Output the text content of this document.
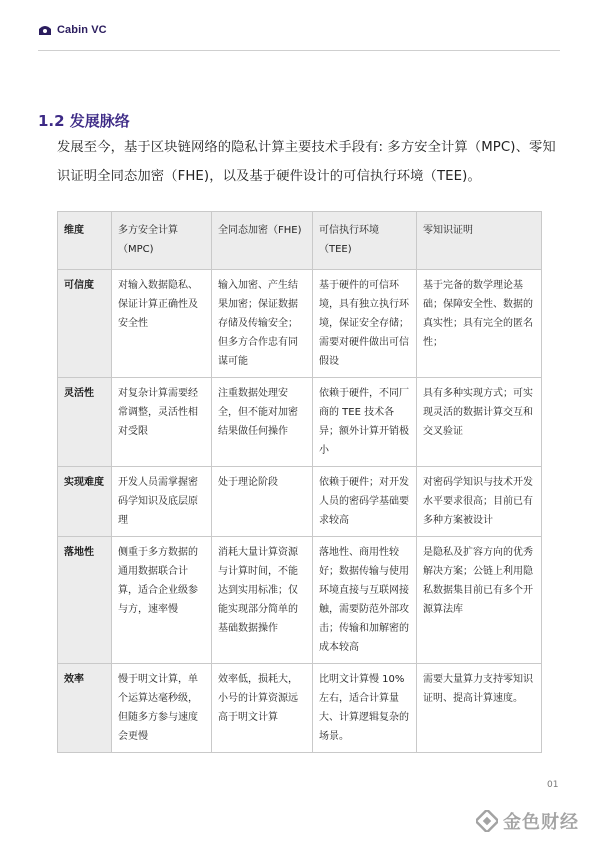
Cabin VC
1.2 发展脉络
发展至今，基于区块链网络的隐私计算主要技术手段有: 多方安全计算（MPC)、零知识证明全同态加密（FHE)，以及基于硬件设计的可信执行环境（TEE)。
维度	多方安全计算（MPC)	全同态加密（FHE)	可信执行环境（TEE)	零知识证明
可信度	对输入数据隐私、保证计算正确性及安全性	输入加密、产生结果加密；保证数据存储及传输安全；但多方合作忠有同谋可能	基于硬件的可信环境，具有独立执行环境，保证安全存储；需要对硬件做出可信假设	基于完备的数学理论基础；保障安全性、数据的真实性；具有完全的匿名性；
灵活性	对复杂计算需要经常调整，灵活性相对受限	注重数据处理安全，但不能对加密结果做任何操作	依赖于硬件，不同厂商的 TEE 技术各异；额外计算开销极小	具有多种实现方式；可实现灵活的数据计算交互和交叉验证
实现难度	开发人员需掌握密码学知识及底层原理	处于理论阶段	依赖于硬件；对开发人员的密码学基础要求较高	对密码学知识与技术开发水平要求很高；目前已有多种方案被设计
落地性	侧重于多方数据的通用数据联合计算，适合企业级参与方，速率慢	消耗大量计算资源与计算时间，不能达到实用标准；仅能实现部分简单的基础数据操作	落地性、商用性较好；数据传输与使用环境直接与互联网接触，需要防范外部攻击；传输和加解密的成本较高	是隐私及扩容方向的优秀解决方案；公链上利用隐私数据集目前已有多个开源算法库
效率	慢于明文计算，单个运算达毫秒级，但随多方参与速度会更慢	效率低，损耗大，小号的计算资源远高于明文计算	比明文计算慢 10%左右，适合计算量大、计算逻辑复杂的场景。	需要大量算力支持零知识证明、提高计算速度。
01
金色财经
